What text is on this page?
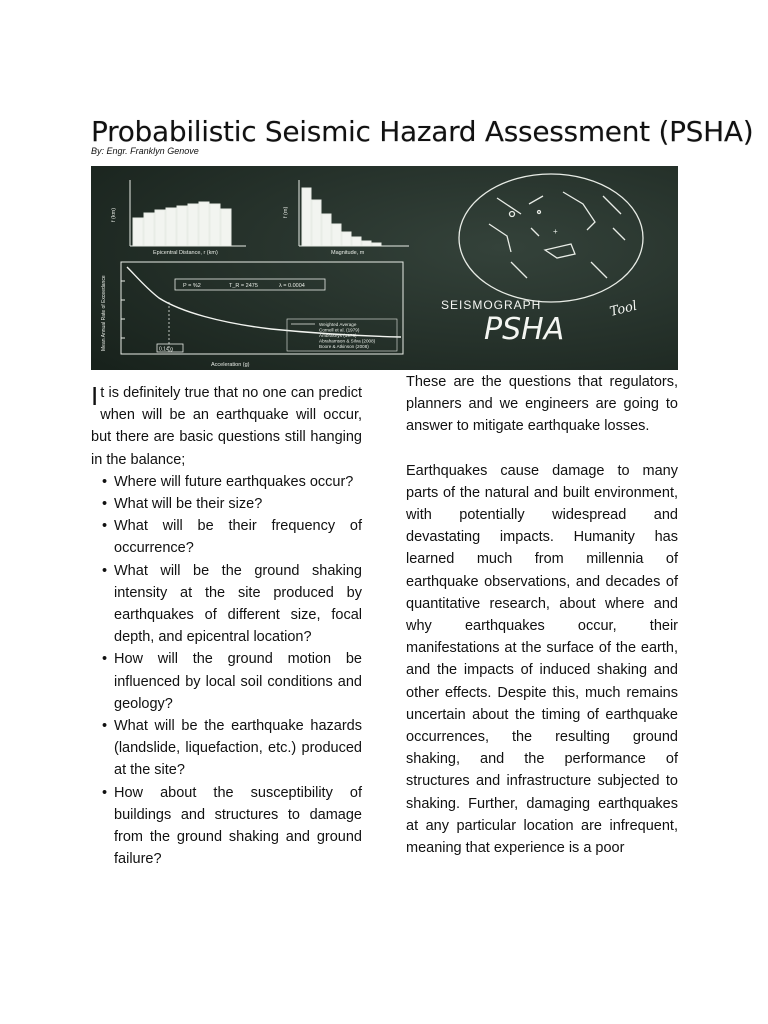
Probabilistic Seismic Hazard Assessment (PSHA)
By: Engr. Franklyn Genove
Epicentral Distance, r (km)
f (km)
Magnitude, m
f (m)
0.14 g
P = %2	T_R = 2475	λ = 0.0004
Weighted Average
Cornell et al. (1979)
Ambraseys (1978)
Abrahamson & Silva (2008)
Boore & Atkinson (2008)
Acceleration (g)
Mean Annual Rate of Exceedance
+
SEISMOGRAPH
PSHA
Tool
It is definitely true that no one can predict when will be an earthquake will occur, but there are basic questions still hanging in the balance;
• Where will future earthquakes occur?
• What will be their size?
• What will be their frequency of occurrence?
• What will be the ground shaking intensity at the site produced by earthquakes of different size, focal depth, and epicentral location?
• How will the ground motion be influenced by local soil conditions and geology?
• What will be the earthquake hazards (landslide, liquefaction, etc.) produced at the site?
• How about the susceptibility of buildings and structures to damage from the ground shaking and ground failure?
These are the questions that regulators, planners and we engineers are going to answer to mitigate earthquake losses.
Earthquakes cause damage to many parts of the natural and built environment, with potentially widespread and devastating impacts. Humanity has learned much from millennia of earthquake observations, and decades of quantitative research, about where and why earthquakes occur, their manifestations at the surface of the earth, and the impacts of induced shaking and other effects. Despite this, much remains uncertain about the timing of earthquake occurrences, the resulting ground shaking, and the performance of structures and infrastructure subjected to shaking. Further, damaging earthquakes at any particular location are infrequent, meaning that experience is a poor
